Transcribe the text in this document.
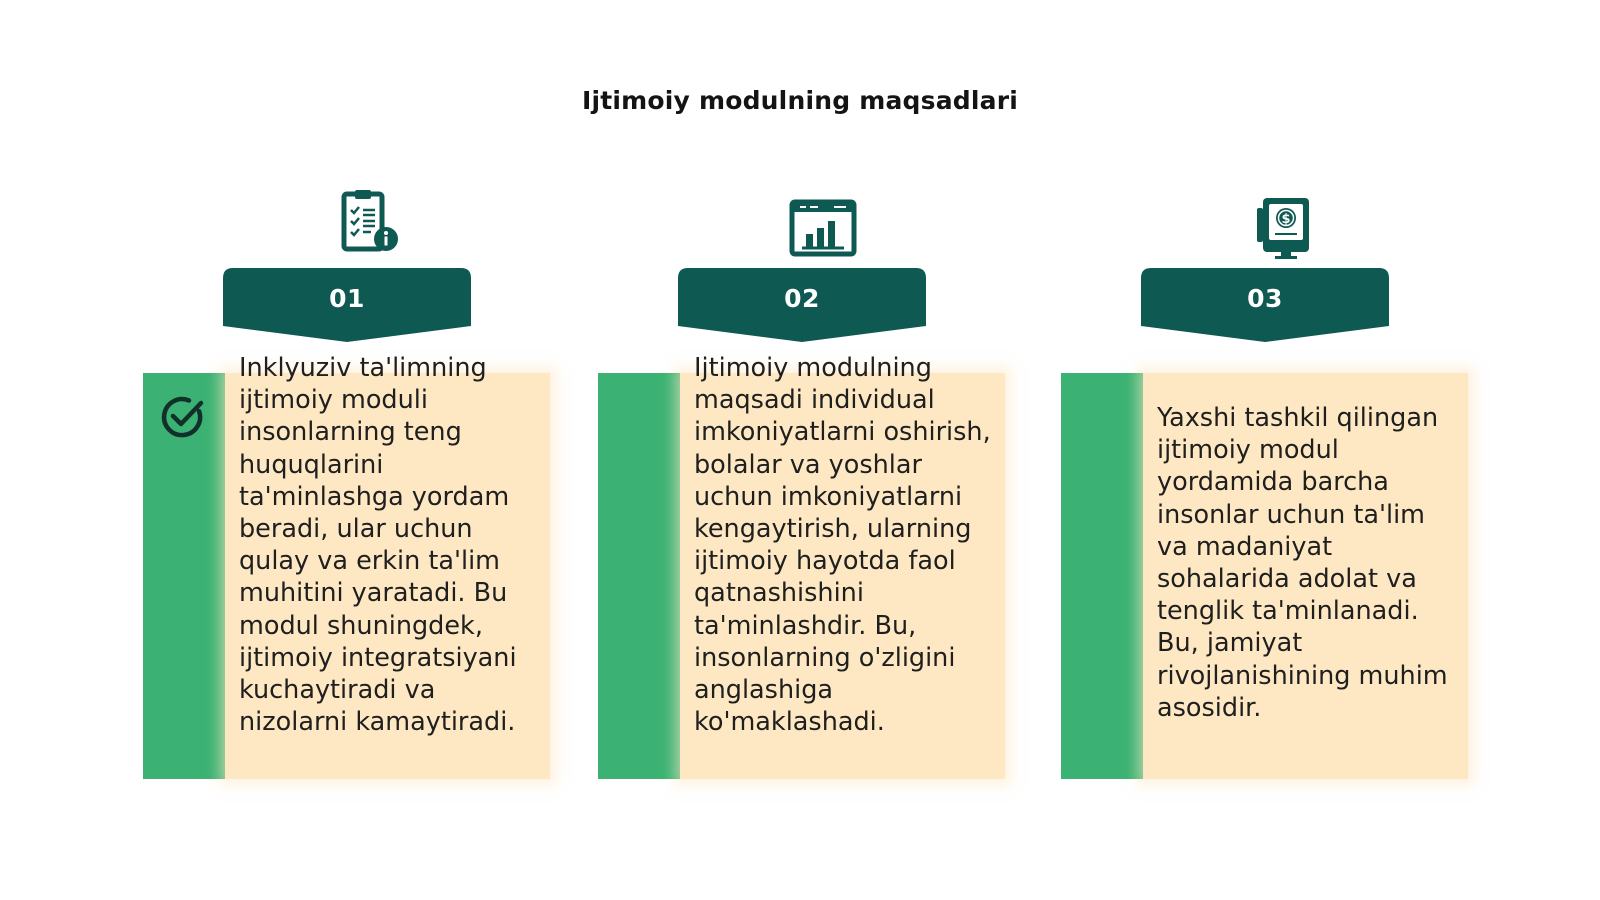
Ijtimoiy modulning maqsadlari
01

Inklyuziv ta'limning ijtimoiy moduli insonlarning teng huquqlarini ta'minlashga yordam beradi, ular uchun qulay va erkin ta'lim muhitini yaratadi. Bu modul shuningdek, ijtimoiy integratsiyani kuchaytiradi va nizolarni kamaytiradi.

02

Ijtimoiy modulning maqsadi individual imkoniyatlarni oshirish, bolalar va yoshlar uchun imkoniyatlarni kengaytirish, ularning ijtimoiy hayotda faol qatnashishini ta'minlashdir. Bu, insonlarning o'zligini anglashiga ko'maklashadi.

$
03

Yaxshi tashkil qilingan ijtimoiy modul yordamida barcha insonlar uchun ta'lim va madaniyat sohalarida adolat va tenglik ta'minlanadi. Bu, jamiyat rivojlanishining muhim asosidir.
